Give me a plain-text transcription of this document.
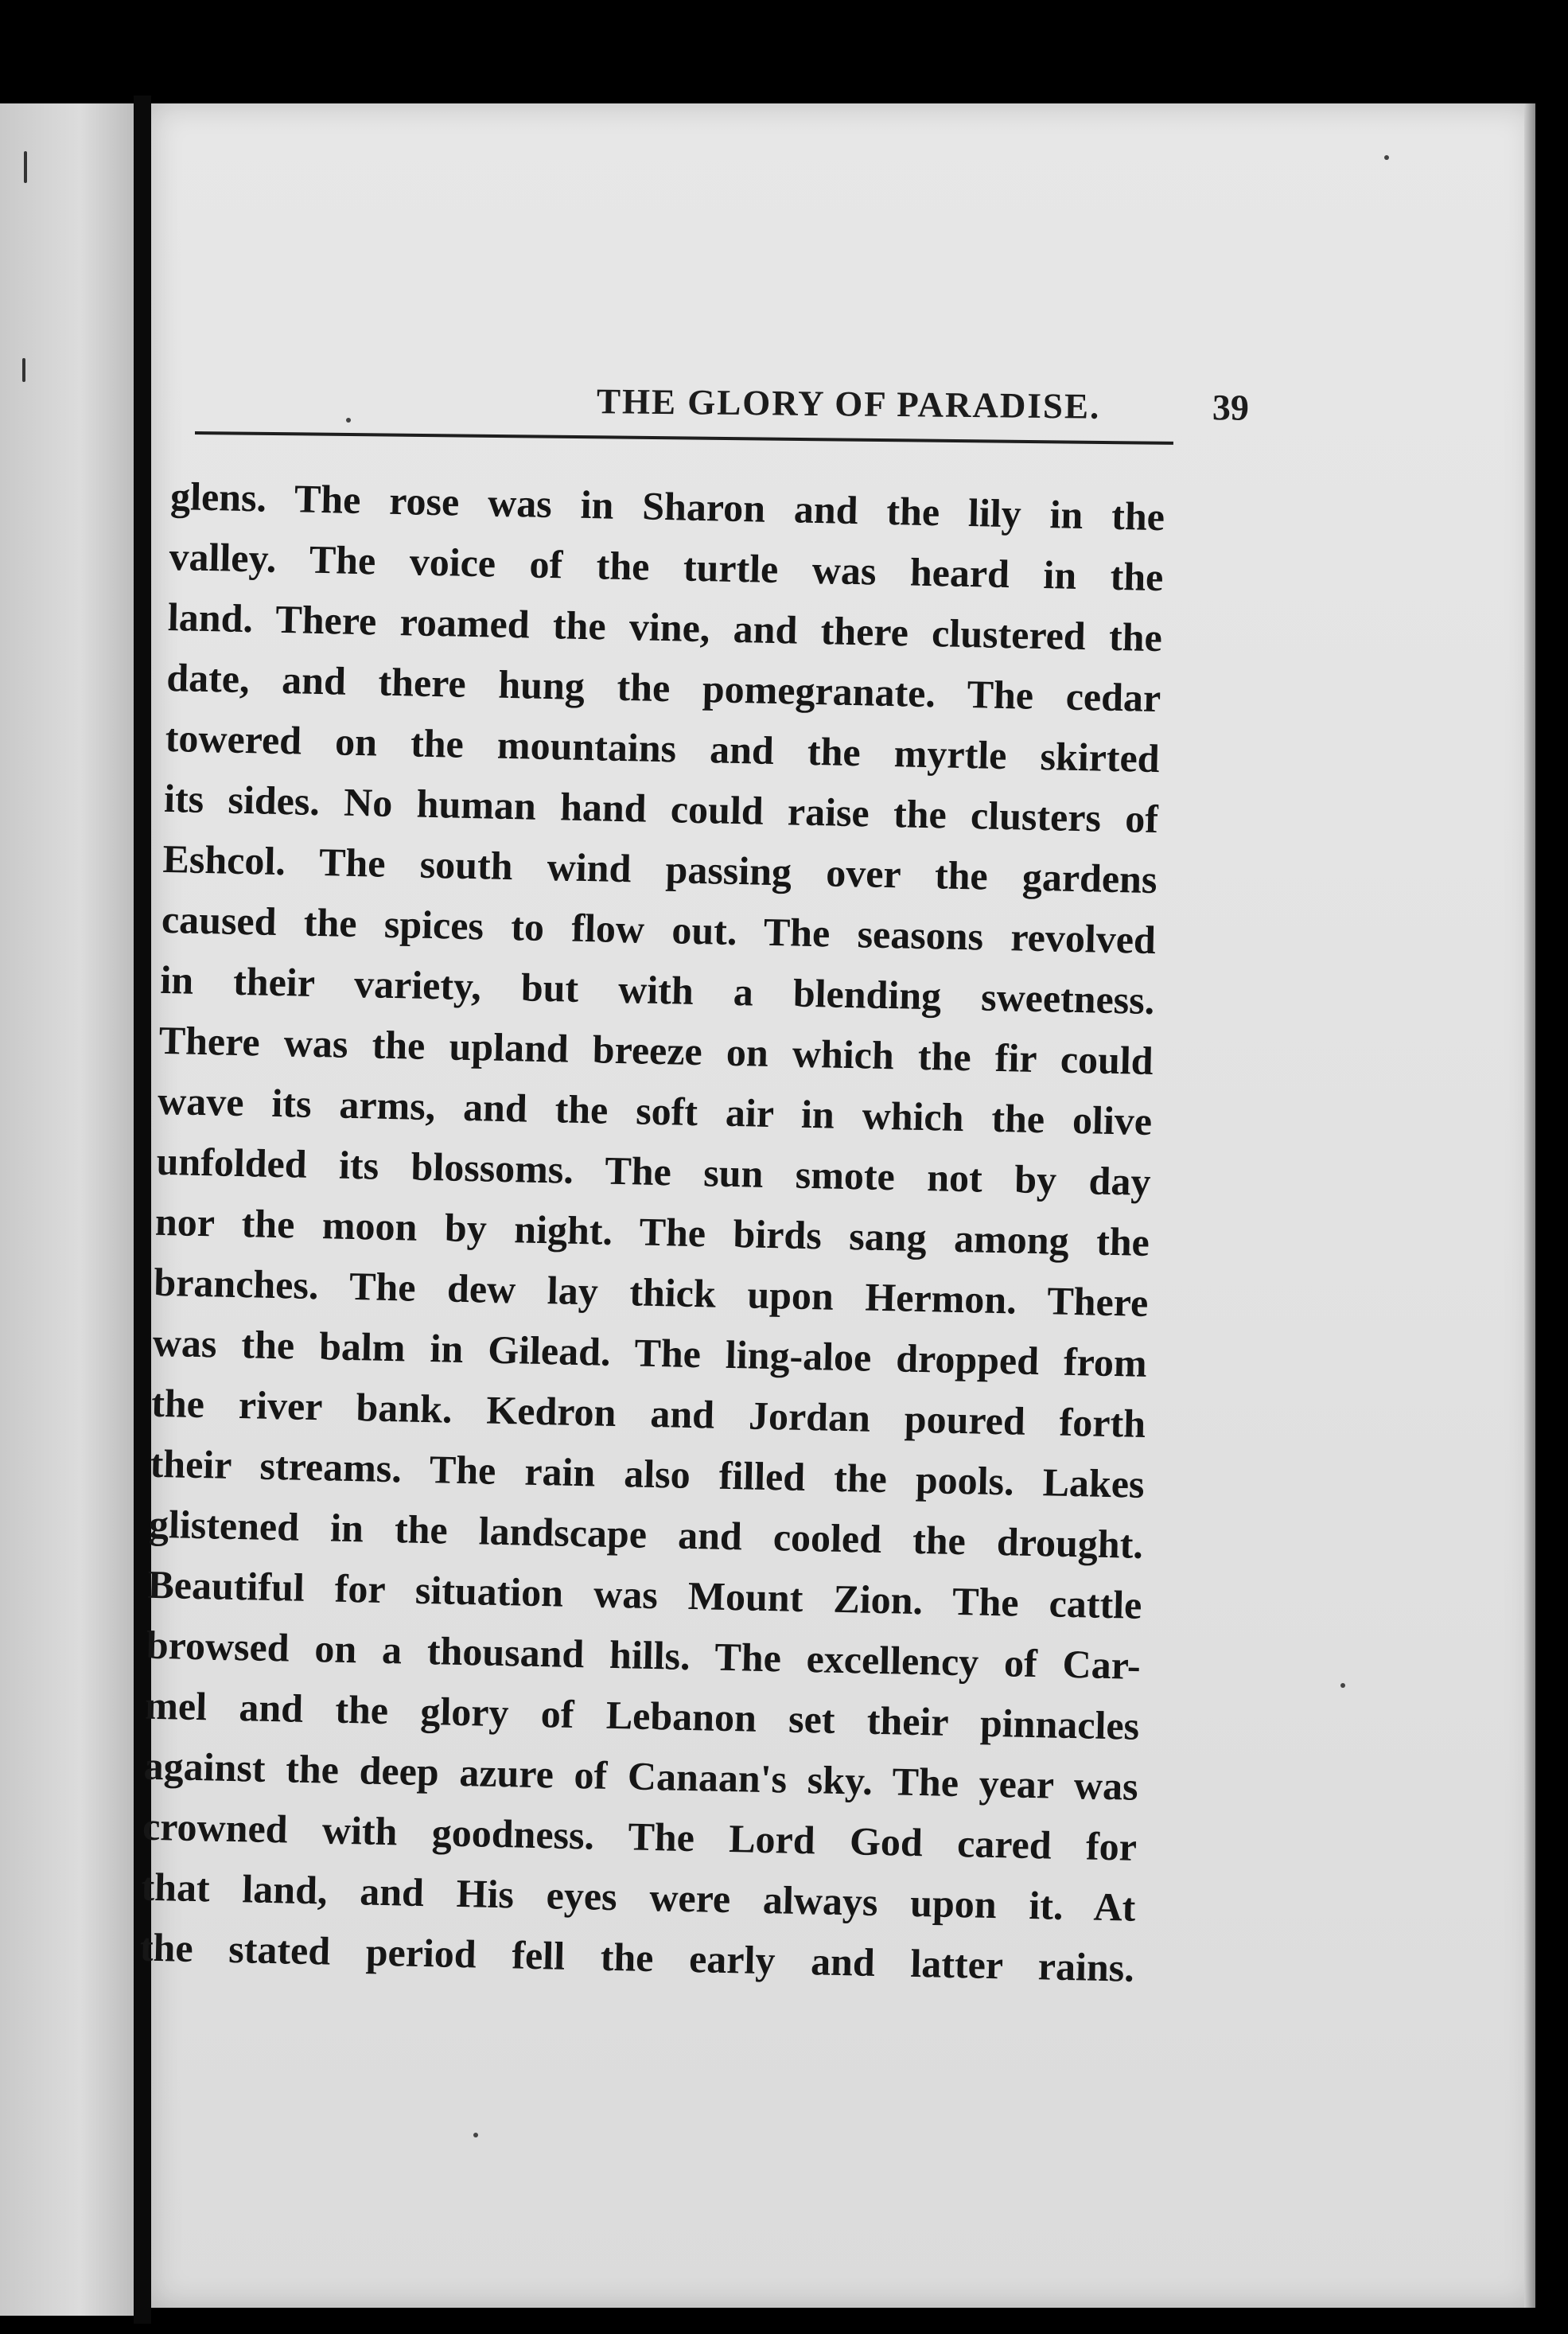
THE GLORY OF PARADISE.	39
glens. The rose was in Sharon and the lily in the
valley. The voice of the turtle was heard in the
land. There roamed the vine, and there clustered the
date, and there hung the pomegranate. The cedar
towered on the mountains and the myrtle skirted
its sides. No human hand could raise the clusters of
Eshcol. The south wind passing over the gardens
caused the spices to flow out. The seasons revolved
in their variety, but with a blending sweetness.
There was the upland breeze on which the fir could
wave its arms, and the soft air in which the olive
unfolded its blossoms. The sun smote not by day
nor the moon by night. The birds sang among the
branches. The dew lay thick upon Hermon. There
was the balm in Gilead. The ling-aloe dropped from
the river bank. Kedron and Jordan poured forth
their streams. The rain also filled the pools. Lakes
glistened in the landscape and cooled the drought.
Beautiful for situation was Mount Zion. The cattle
browsed on a thousand hills. The excellency of Car-
mel and the glory of Lebanon set their pinnacles
against the deep azure of Canaan's sky. The year was
crowned with goodness. The Lord God cared for
that land, and His eyes were always upon it. At
the stated period fell the early and latter rains.
